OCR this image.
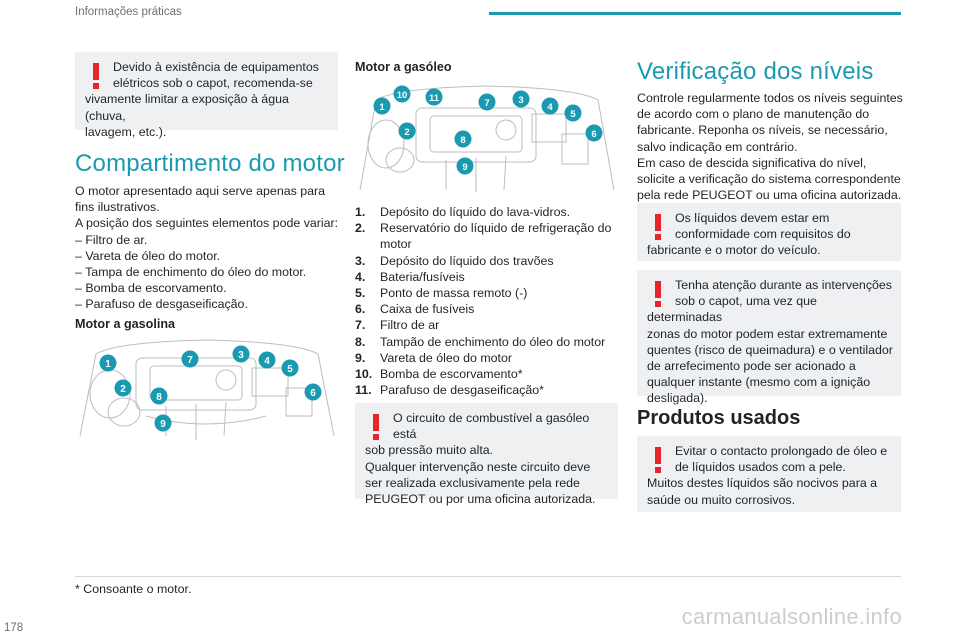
Informações práticas
Devido à existência de equipamentos
elétricos sob o capot, recomenda-se
vivamente limitar a exposição à água (chuva,
lavagem, etc.).
Compartimento do motor
O motor apresentado aqui serve apenas para
fins ilustrativos.
A posição dos seguintes elementos pode variar:
– Filtro de ar.
– Vareta de óleo do motor.
– Tampa de enchimento do óleo do motor.
– Bomba de escorvamento.
– Parafuso de desgaseificação.
Motor a gasolina
1
2
7	3
4
5
6
8
9
Motor a gasóleo
1
10 11	7	3
4
5
6
2
8
9
1.	Depósito do líquido do lava-vidros.
2.	Reservatório do líquido de refrigeração do motor
3.	Depósito do líquido dos travões
4.	Bateria/fusíveis
5.	Ponto de massa remoto (-)
6.	Caixa de fusíveis
7.	Filtro de ar
8.	Tampão de enchimento do óleo do motor
9.	Vareta de óleo do motor
10. Bomba de escorvamento*
11. Parafuso de desgaseificação*
O circuito de combustível a gasóleo está
sob pressão muito alta.
Qualquer intervenção neste circuito deve
ser realizada exclusivamente pela rede
PEUGEOT ou por uma oficina autorizada.
Verificação dos níveis
Controle regularmente todos os níveis seguintes
de acordo com o plano de manutenção do
fabricante. Reponha os níveis, se necessário,
salvo indicação em contrário.
Em caso de descida significativa do nível,
solicite a verificação do sistema correspondente
pela rede PEUGEOT ou uma oficina autorizada.
Os líquidos devem estar em
conformidade com requisitos do
fabricante e o motor do veículo.
Tenha atenção durante as intervenções
sob o capot, uma vez que determinadas
zonas do motor podem estar extremamente
quentes (risco de queimadura) e o ventilador
de arrefecimento pode ser acionado a
qualquer instante (mesmo com a ignição
desligada).
Produtos usados
Evitar o contacto prolongado de óleo e
de líquidos usados com a pele.
Muitos destes líquidos são nocivos para a
saúde ou muito corrosivos.
* Consoante o motor.
178	carmanualsonline.info
